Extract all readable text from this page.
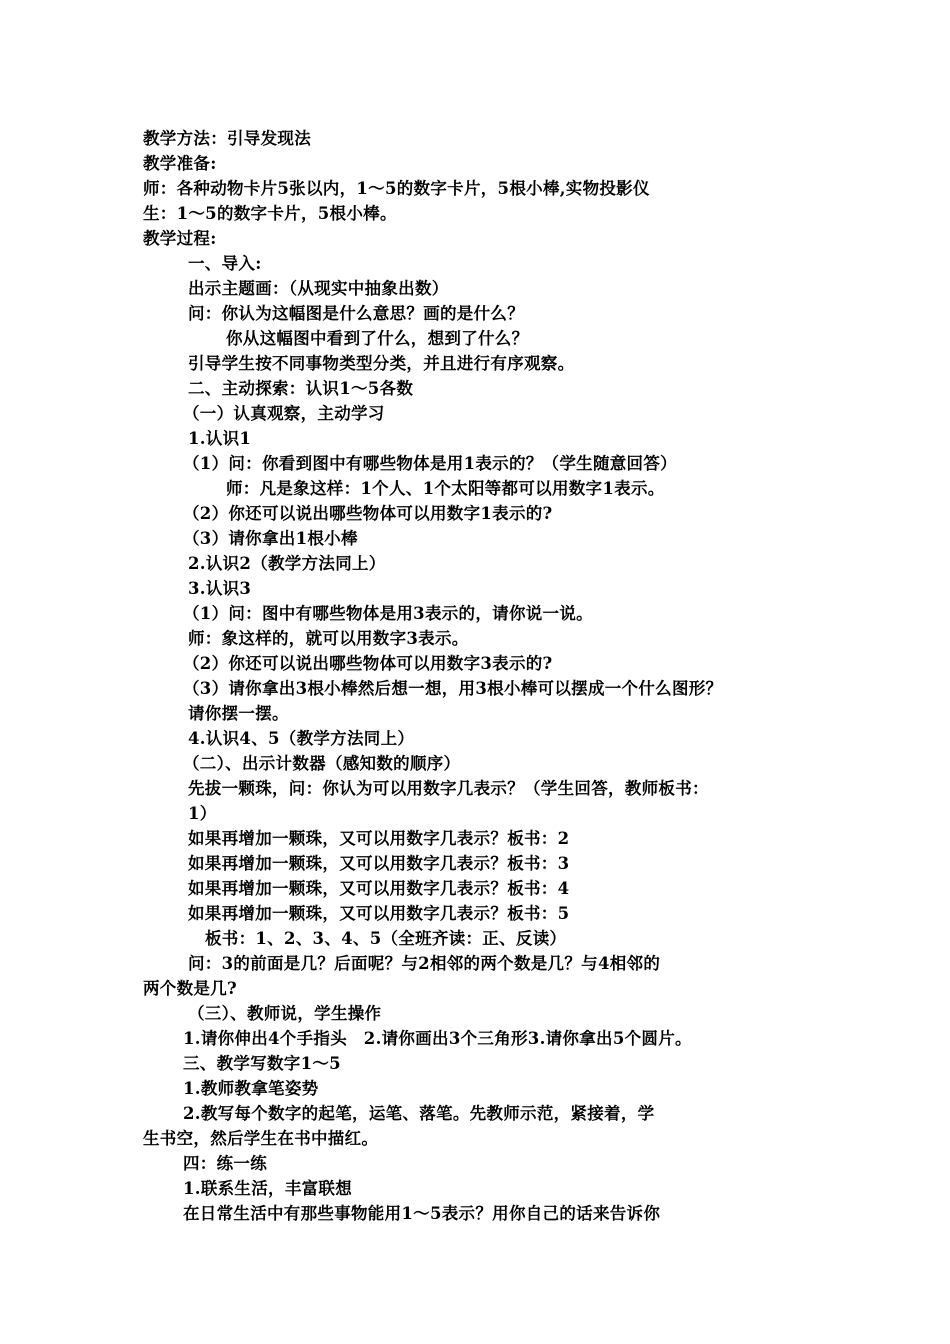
教学方法：引导发现法
教学准备:
师：各种动物卡片5张以内，1～5的数字卡片，5根小棒,实物投影仪
生：1～5的数字卡片，5根小棒。
教学过程:
一、导入:
出示主题画：（从现实中抽象出数）
问：你认为这幅图是什么意思？画的是什么？
你从这幅图中看到了什么，想到了什么？
引导学生按不同事物类型分类，并且进行有序观察。
二、主动探索：认识1～5各数
（一）认真观察，主动学习
1.认识1
（1）问：你看到图中有哪些物体是用1表示的？（学生随意回答）
师：凡是象这样：1个人、1个太阳等都可以用数字1表示。
（2）你还可以说出哪些物体可以用数字1表示的?
（3）请你拿出1根小棒
2.认识2（教学方法同上）
3.认识3
（1）问：图中有哪些物体是用3表示的，请你说一说。
师：象这样的，就可以用数字3表示。
（2）你还可以说出哪些物体可以用数字3表示的?
（3）请你拿出3根小棒然后想一想，用3根小棒可以摆成一个什么图形？
请你摆一摆。
4.认识4、5（教学方法同上）
（二）、出示计数器（感知数的顺序）
先拔一颗珠，问：你认为可以用数字几表示？（学生回答，教师板书：
1）
如果再增加一颗珠，又可以用数字几表示？板书：2
如果再增加一颗珠，又可以用数字几表示？板书：3
如果再增加一颗珠，又可以用数字几表示？板书：4
如果再增加一颗珠，又可以用数字几表示？板书：5
板书：1、2、3、4、5（全班齐读：正、反读）
问：3的前面是几？后面呢？与2相邻的两个数是几？与4相邻的
两个数是几?
（三）、教师说，学生操作
1.请你伸出4个手指头　2.请你画出3个三角形3.请你拿出5个圆片。
三、教学写数字1～5
1.教师教拿笔姿势
2.教写每个数字的起笔，运笔、落笔。先教师示范，紧接着，学
生书空，然后学生在书中描红。
四：练一练
1.联系生活，丰富联想
在日常生活中有那些事物能用1～5表示？用你自己的话来告诉你
